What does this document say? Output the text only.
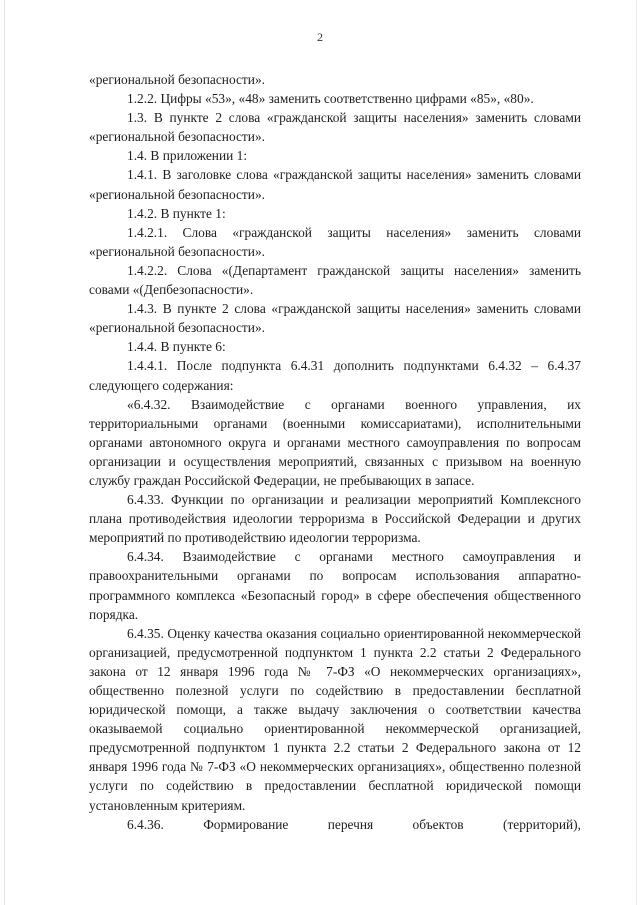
2

«региональной безопасности».

1.2.2. Цифры «53», «48» заменить соответственно цифрами «85», «80».

1.3. В пункте 2 слова «гражданской защиты населения» заменить словами «региональной безопасности».

1.4. В приложении 1:

1.4.1. В заголовке слова «гражданской защиты населения» заменить словами «региональной безопасности».

1.4.2. В пункте 1:

1.4.2.1. Слова «гражданской защиты населения» заменить словами «региональной безопасности».

1.4.2.2. Слова «(Департамент гражданской защиты населения» заменить совами «(Депбезопасности».

1.4.3. В пункте 2 слова «гражданской защиты населения» заменить словами «региональной безопасности».

1.4.4. В пункте 6:

1.4.4.1. После подпункта 6.4.31 дополнить подпунктами 6.4.32 – 6.4.37 следующего содержания:

«6.4.32. Взаимодействие с органами военного управления, их территориальными органами (военными комиссариатами), исполнительными органами автономного округа и органами местного самоуправления по вопросам организации и осуществления мероприятий, связанных с призывом на военную службу граждан Российской Федерации, не пребывающих в запасе.

6.4.33. Функции по организации и реализации мероприятий Комплексного плана противодействия идеологии терроризма в Российской Федерации и других мероприятий по противодействию идеологии терроризма.

6.4.34. Взаимодействие с органами местного самоуправления и правоохранительными органами по вопросам использования аппаратно-программного комплекса «Безопасный город» в сфере обеспечения общественного порядка.

6.4.35. Оценку качества оказания социально ориентированной некоммерческой организацией, предусмотренной подпунктом 1 пункта 2.2 статьи 2 Федерального закона от 12 января 1996 года № 7-ФЗ «О некоммерческих организациях», общественно полезной услуги по содействию в предоставлении бесплатной юридической помощи, а также выдачу заключения о соответствии качества оказываемой социально ориентированной некоммерческой организацией, предусмотренной подпунктом 1 пункта 2.2 статьи 2 Федерального закона от 12 января 1996 года № 7-ФЗ «О некоммерческих организациях», общественно полезной услуги по содействию в предоставлении бесплатной юридической помощи установленным критериям.

6.4.36. Формирование перечня объектов (территорий),
